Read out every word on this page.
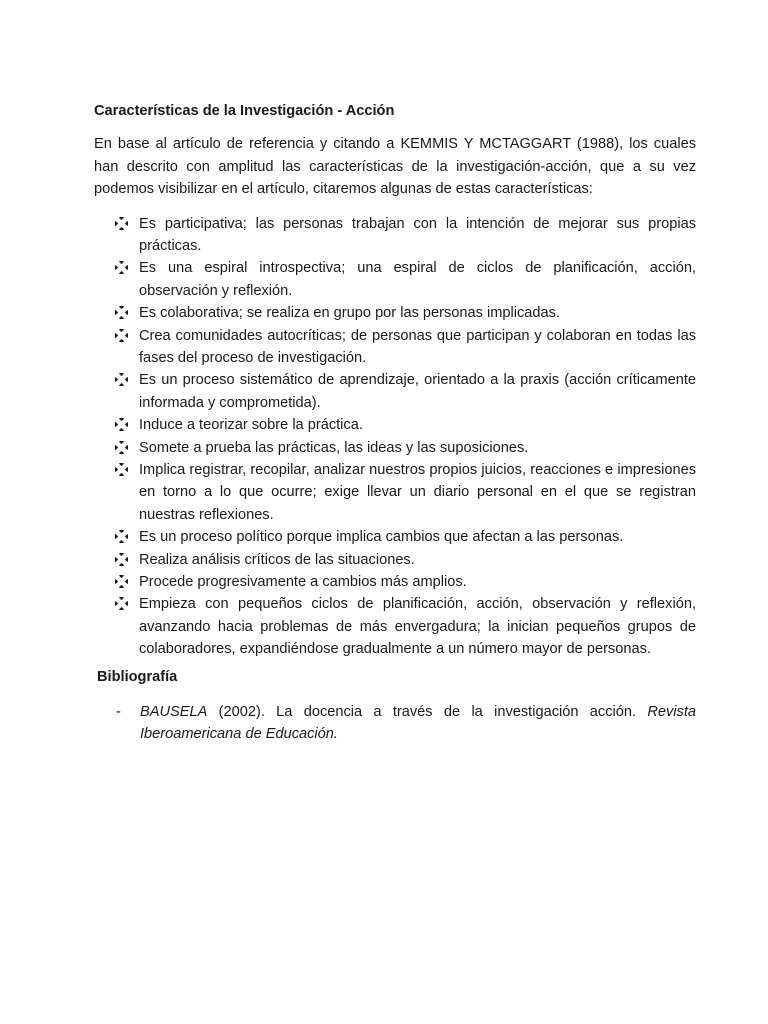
Características de la Investigación - Acción

En base al artículo de referencia y citando a KEMMIS Y MCTAGGART (1988), los cuales han descrito con amplitud las características de la investigación-acción, que a su vez podemos visibilizar en el artículo, citaremos algunas de estas características:

Es participativa; las personas trabajan con la intención de mejorar sus propias prácticas.
Es una espiral introspectiva; una espiral de ciclos de planificación, acción, observación y reflexión.
Es colaborativa; se realiza en grupo por las personas implicadas.
Crea comunidades autocríticas; de personas que participan y colaboran en todas las fases del proceso de investigación.
Es un proceso sistemático de aprendizaje, orientado a la praxis (acción críticamente informada y comprometida).
Induce a teorizar sobre la práctica.
Somete a prueba las prácticas, las ideas y las suposiciones.
Implica registrar, recopilar, analizar nuestros propios juicios, reacciones e impresiones en torno a lo que ocurre; exige llevar un diario personal en el que se registran nuestras reflexiones.
Es un proceso político porque implica cambios que afectan a las personas.
Realiza análisis críticos de las situaciones.
Procede progresivamente a cambios más amplios.
Empieza con pequeños ciclos de planificación, acción, observación y reflexión, avanzando hacia problemas de más envergadura; la inician pequeños grupos de colaboradores, expandiéndose gradualmente a un número mayor de personas.
Bibliografía
- BAUSELA (2002). La docencia a través de la investigación acción. Revista Iberoamericana de Educación.
